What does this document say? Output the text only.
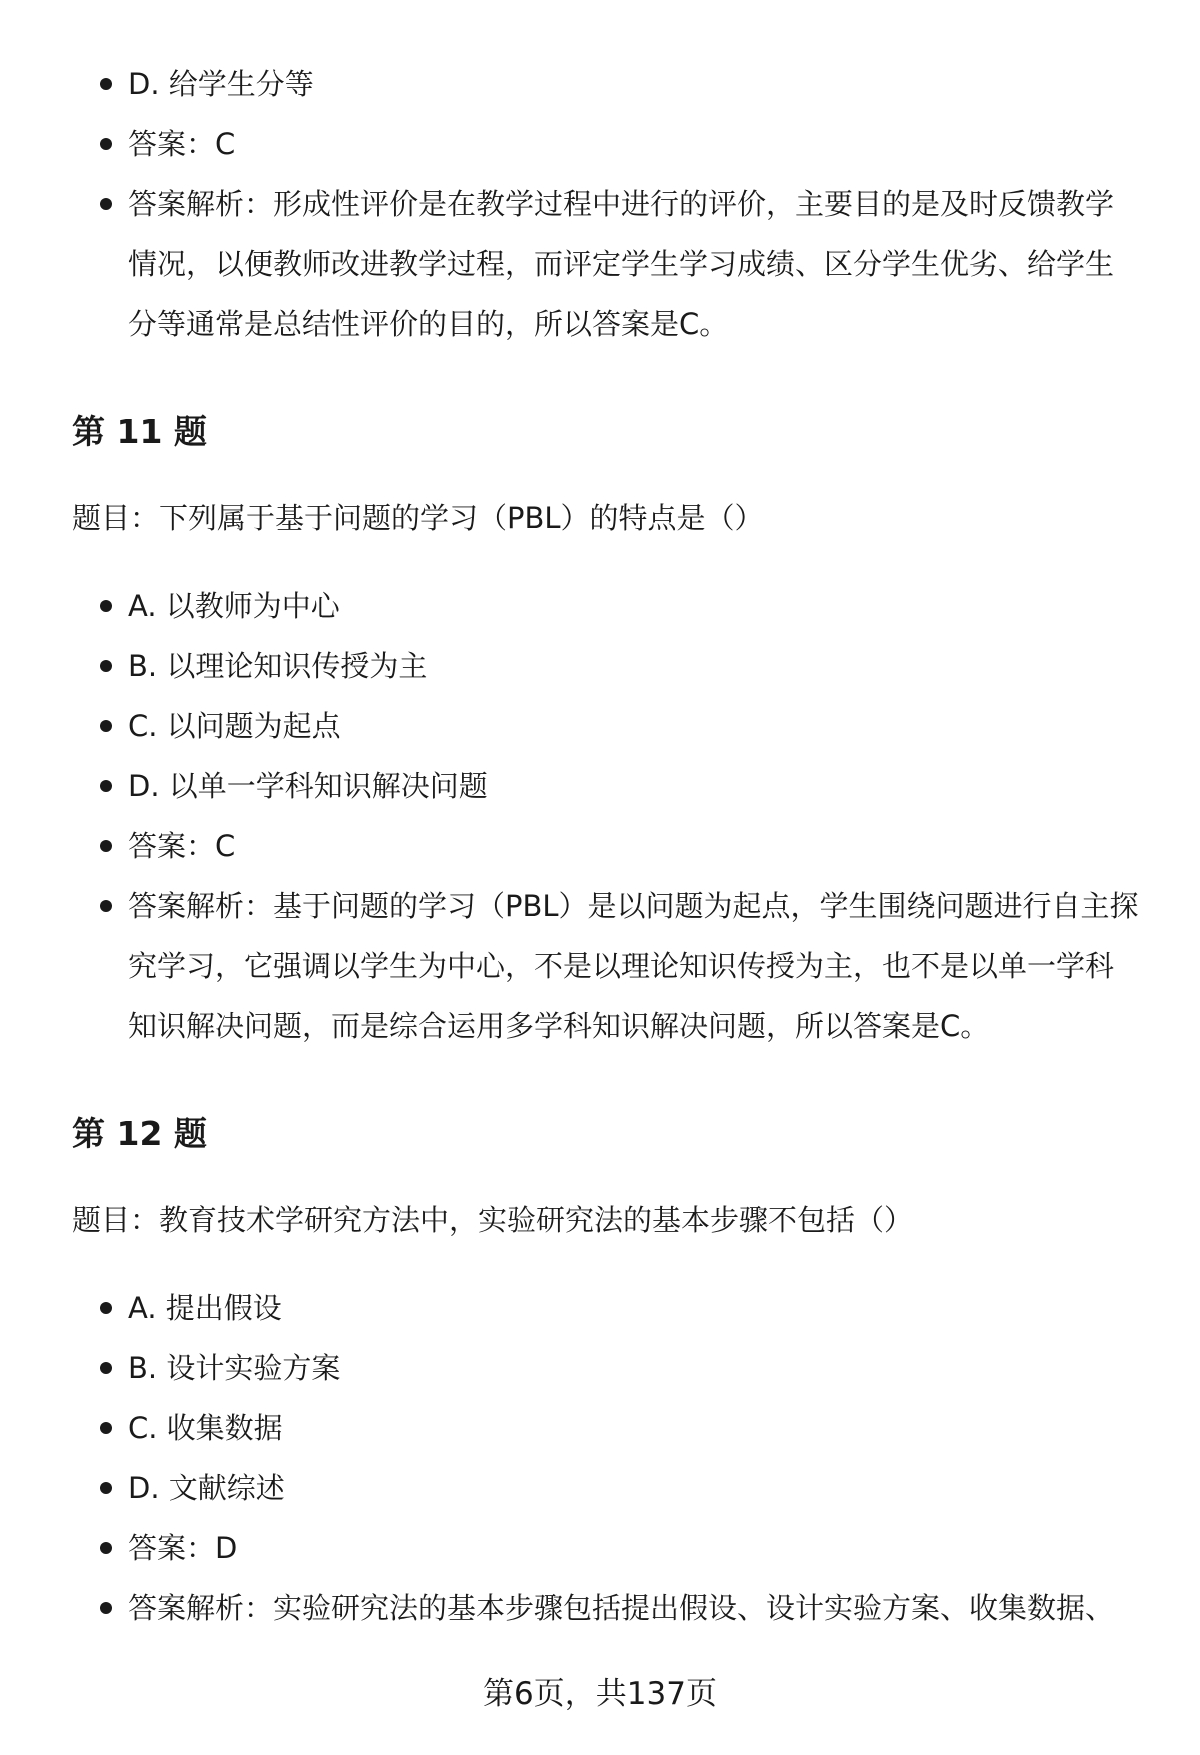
D. 给学生分等
答案：C
答案解析：形成性评价是在教学过程中进行的评价，主要目的是及时反馈教学情况，以便教师改进教学过程，而评定学生学习成绩、区分学生优劣、给学生分等通常是总结性评价的目的，所以答案是C。
第 11 题

题目：下列属于基于问题的学习（PBL）的特点是（）

A. 以教师为中心
B. 以理论知识传授为主
C. 以问题为起点
D. 以单一学科知识解决问题
答案：C
答案解析：基于问题的学习（PBL）是以问题为起点，学生围绕问题进行自主探究学习，它强调以学生为中心，不是以理论知识传授为主，也不是以单一学科知识解决问题，而是综合运用多学科知识解决问题，所以答案是C。
第 12 题

题目：教育技术学研究方法中，实验研究法的基本步骤不包括（）

A. 提出假设
B. 设计实验方案
C. 收集数据
D. 文献综述
答案：D
答案解析：实验研究法的基本步骤包括提出假设、设计实验方案、收集数据、
第6页，共137页
